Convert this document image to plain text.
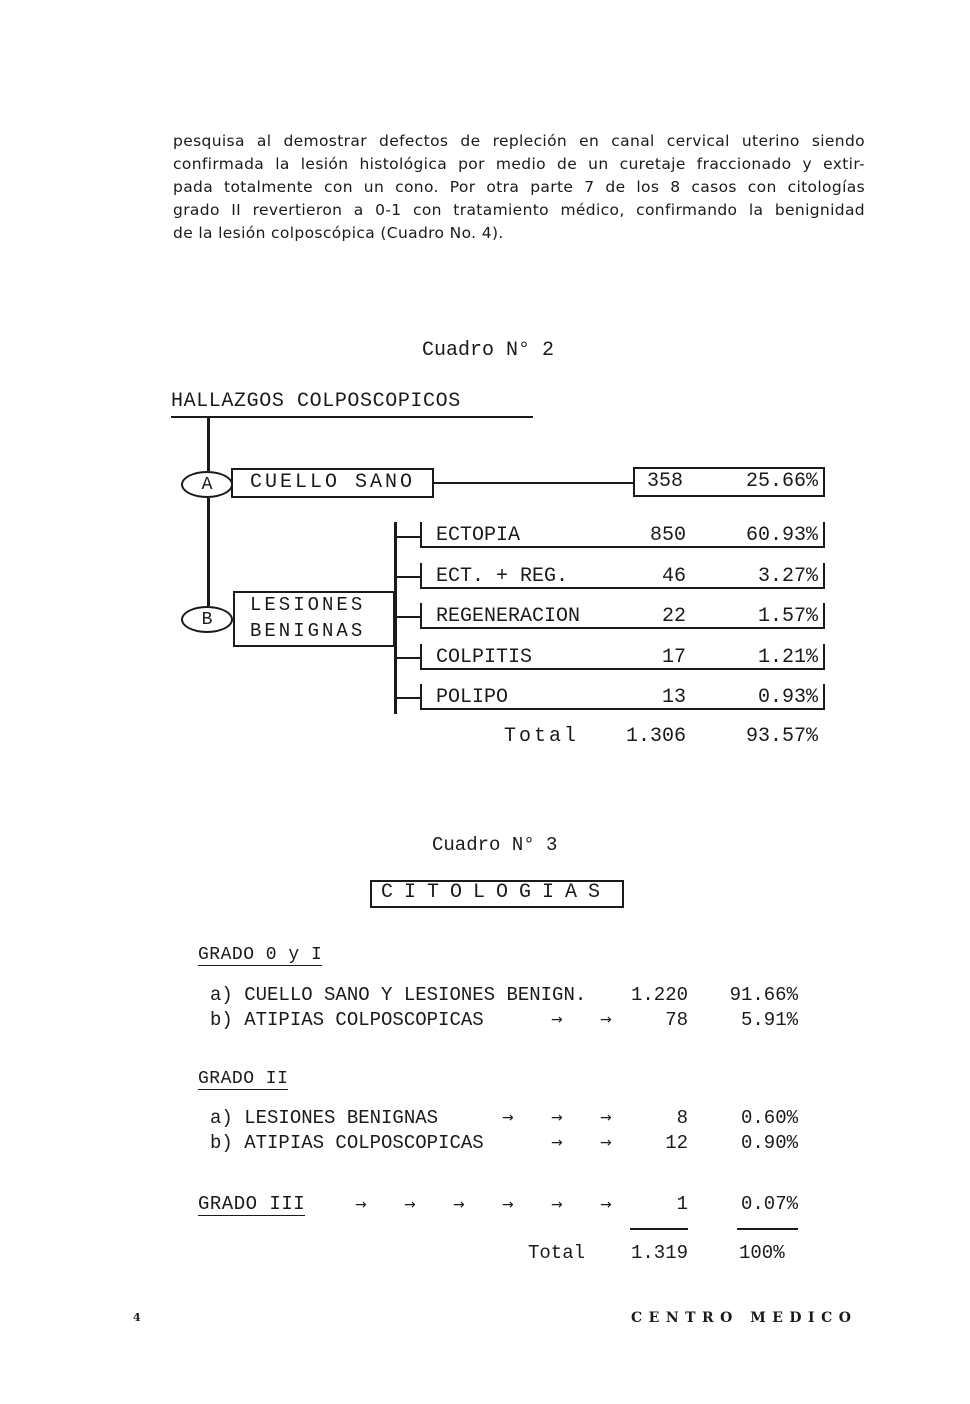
pesquisa al demostrar defectos de repleción en canal cervical uterino siendo
confirmada la lesión histológica por medio de un curetaje fraccionado y extir-
pada totalmente con un cono. Por otra parte 7 de los 8 casos con citologías
grado II revertieron a 0-1 con tratamiento médico, confirmando la benignidad
de la lesión colposcópica (Cuadro No. 4).
Cuadro N° 2
HALLAZGOS COLPOSCOPICOS
A	CUELLO SANO	358	25.66%
B
LESIONES
BENIGNAS
ECTOPIA	850	60.93%
ECT. + REG.	46	3.27%
REGENERACION	22	1.57%
COLPITIS	17	1.21%
POLIPO	13	0.93%
Total	1.306	93.57%
Cuadro N° 3
CITOLOGIAS
GRADO 0 y I
a) CUELLO SANO Y LESIONES BENIGN.	1.220	91.66%
b) ATIPIAS COLPOSCOPICAS	→	→	78	5.91%
GRADO II
a) LESIONES BENIGNAS	→	→	→	8	0.60%
b) ATIPIAS COLPOSCOPICAS	→	→	12	0.90%
GRADO III	→	→	→	→	→	→	1	0.07%
Total	1.319	100%
4	CENTRO MEDICO
